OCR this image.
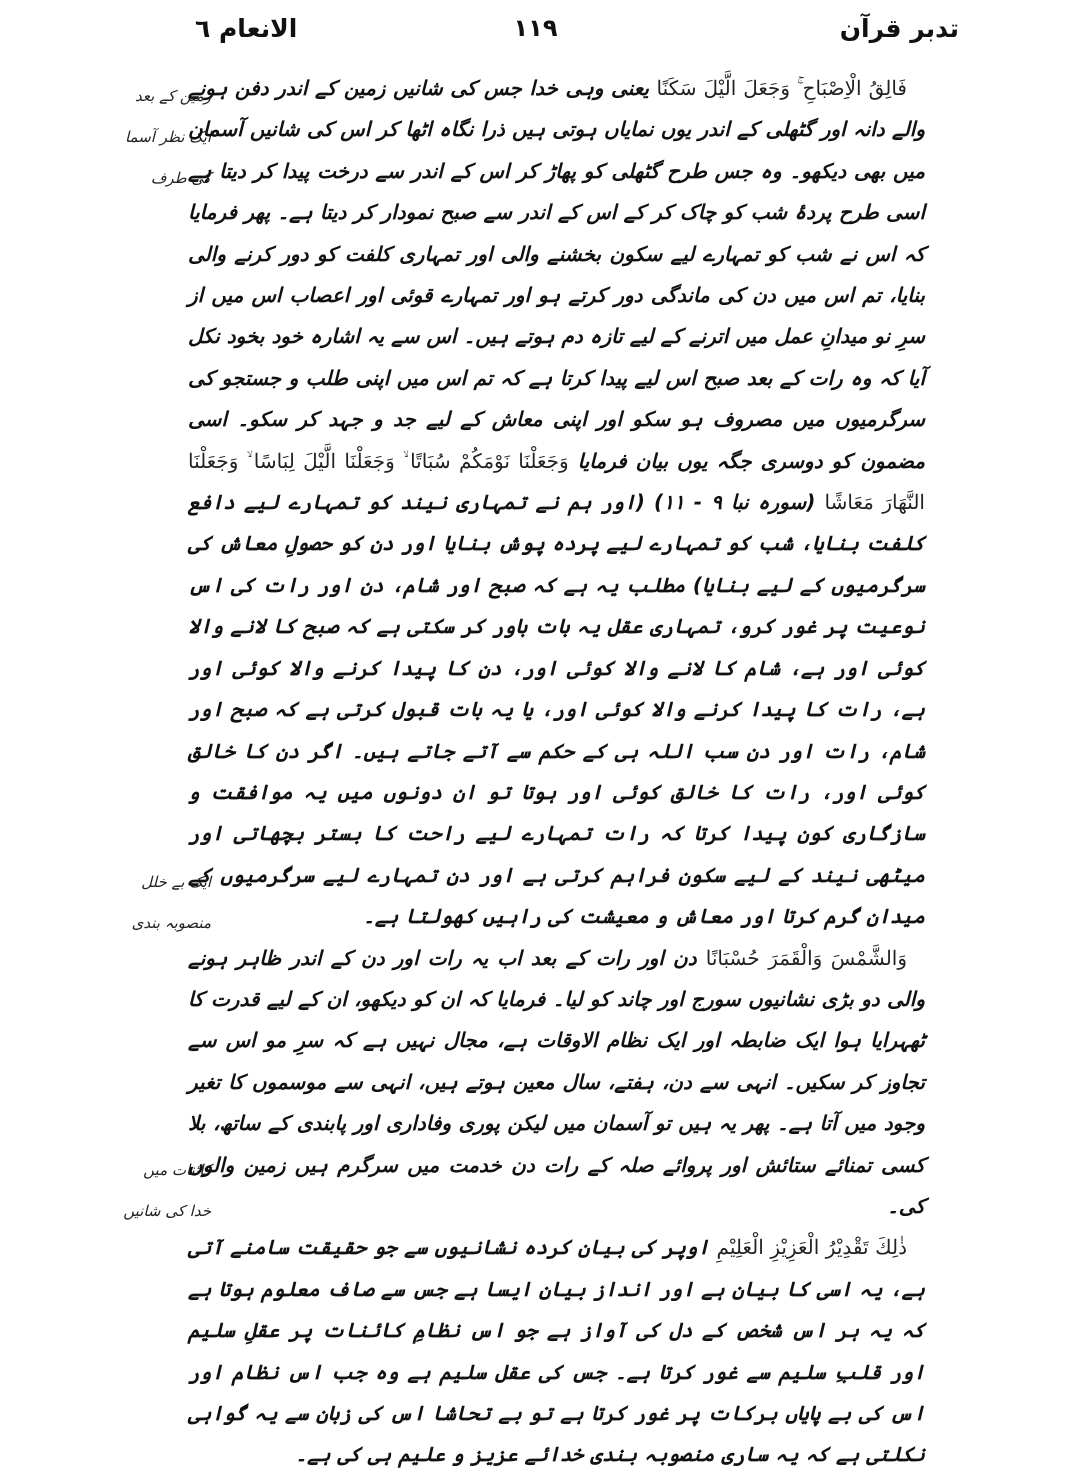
تدبر قرآن
۱۱۹
الانعام ٦
زمین کے بعد
ایک نظر آسما
کی طرف
ایک بے خلل
منصوبہ بندی
کائنات میں
خدا کی شانیں

فَالِقُ الْاِصْبَاحِ ۚ وَجَعَلَ الَّيْلَ سَكَنًا یعنی وہی خدا جس کی شانیں زمین کے اندر دفن ہونے والے دانہ اور گٹھلی کے اندر یوں نمایاں ہوتی ہیں ذرا نگاہ اٹھا کر اس کی شانیں آسمان میں بھی دیکھو۔ وہ جس طرح گٹھلی کو پھاڑ کر اس کے اندر سے درخت پیدا کر دیتا ہے اسی طرح پردۂ شب کو چاک کر کے اس کے اندر سے صبح نمودار کر دیتا ہے۔ پھر فرمایا کہ اس نے شب کو تمہارے لیے سکون بخشنے والی اور تمہاری کلفت کو دور کرنے والی بنایا، تم اس میں دن کی ماندگی دور کرتے ہو اور تمہارے قوئی اور اعصاب اس میں از سرِ نو میدانِ عمل میں اترنے کے لیے تازہ دم ہوتے ہیں۔ اس سے یہ اشارہ خود بخود نکل آیا کہ وہ رات کے بعد صبح اس لیے پیدا کرتا ہے کہ تم اس میں اپنی طلب و جستجو کی سرگرمیوں میں مصروف ہو سکو اور اپنی معاش کے لیے جد و جہد کر سکو۔ اسی مضمون کو دوسری جگہ یوں بیان فرمایا وَجَعَلْنَا نَوْمَكُمْ سُبَاتًا ۙ وَجَعَلْنَا الَّيْلَ لِبَاسًا ۙ وَجَعَلْنَا النَّهَارَ مَعَاشًا (سورہ نبا ۹ - ۱۱) (اور ہم نے تمہاری نیند کو تمہارے لیے دافع کلفت بنایا، شب کو تمہارے لیے پردہ پوش بنایا اور دن کو حصولِ معاش کی سرگرمیوں کے لیے بنایا) مطلب یہ ہے کہ صبح اور شام، دن اور رات کی اس نوعیت پر غور کرو، تمہاری عقل یہ بات باور کر سکتی ہے کہ صبح کا لانے والا کوئی اور ہے، شام کا لانے والا کوئی اور، دن کا پیدا کرنے والا کوئی اور ہے، رات کا پیدا کرنے والا کوئی اور، یا یہ بات قبول کرتی ہے کہ صبح اور شام، رات اور دن سب اللہ ہی کے حکم سے آتے جاتے ہیں۔ اگر دن کا خالق کوئی اور، رات کا خالق کوئی اور ہوتا تو ان دونوں میں یہ موافقت و سازگاری کون پیدا کرتا کہ رات تمہارے لیے راحت کا بستر بچھاتی اور میٹھی نیند کے لیے سکون فراہم کرتی ہے اور دن تمہارے لیے سرگرمیوں کے میدان گرم کرتا اور معاش و معیشت کی راہیں کھولتا ہے۔

وَالشَّمْسَ وَالْقَمَرَ حُسْبَانًا دن اور رات کے بعد اب یہ رات اور دن کے اندر ظاہر ہونے والی دو بڑی نشانیوں سورج اور چاند کو لیا۔ فرمایا کہ ان کو دیکھو، ان کے لیے قدرت کا ٹھہرایا ہوا ایک ضابطہ اور ایک نظام الاوقات ہے، مجال نہیں ہے کہ سرِ مو اس سے تجاوز کر سکیں۔ انہی سے دن، ہفتے، سال معین ہوتے ہیں، انہی سے موسموں کا تغیر وجود میں آتا ہے۔ پھر یہ ہیں تو آسمان میں لیکن پوری وفاداری اور پابندی کے ساتھ، بلا کسی تمنائے ستائش اور پروائے صلہ کے رات دن خدمت میں سرگرم ہیں زمین والوں کی۔

ذٰلِكَ تَقْدِيْرُ الْعَزِيْزِ الْعَلِيْمِ اوپر کی بیان کردہ نشانیوں سے جو حقیقت سامنے آتی ہے، یہ اسی کا بیان ہے اور انداز بیان ایسا ہے جس سے صاف معلوم ہوتا ہے کہ یہ ہر اس شخص کے دل کی آواز ہے جو اس نظامِ کائنات پر عقلِ سلیم اور قلبِ سلیم سے غور کرتا ہے۔ جس کی عقل سلیم ہے وہ جب اس نظام اور اس کی بے پایاں برکات پر غور کرتا ہے تو بے تحاشا اس کی زبان سے یہ گواہی نکلتی ہے کہ یہ ساری منصوبہ بندی خدائے عزیز و علیم ہی کی ہے۔
